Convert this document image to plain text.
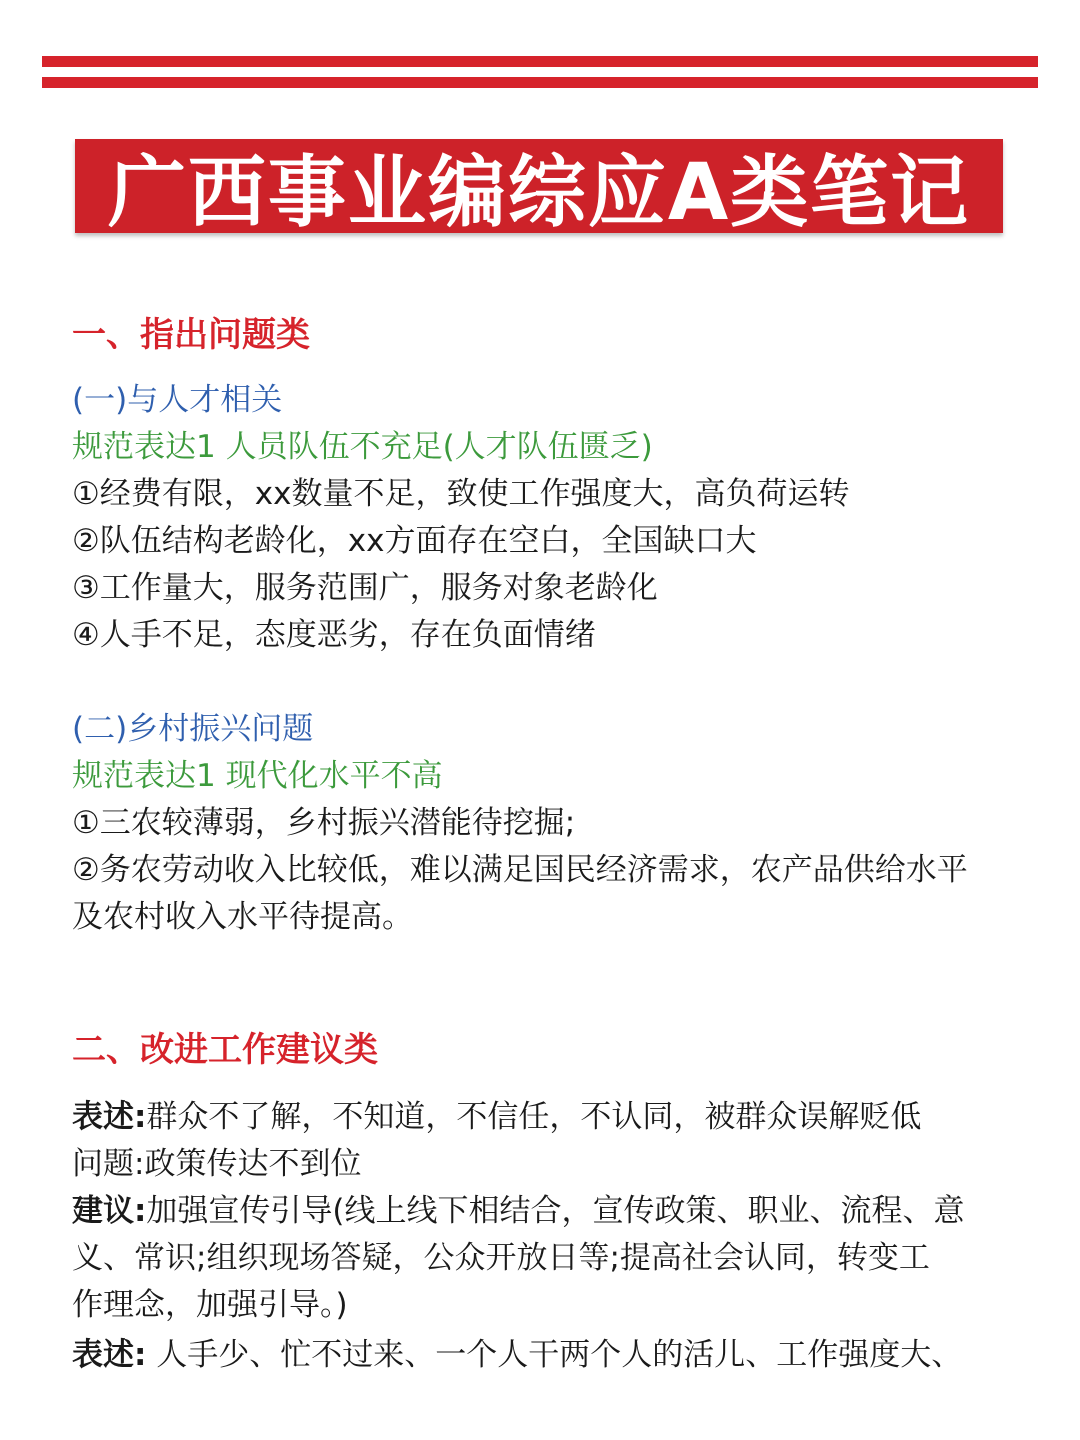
广西事业编综应A类笔记
一、指出问题类
(一)与人才相关
规范表达1 人员队伍不充足(人才队伍匮乏)
①经费有限，xx数量不足，致使工作强度大，高负荷运转
②队伍结构老龄化，xx方面存在空白，全国缺口大
③工作量大，服务范围广，服务对象老龄化
④人手不足，态度恶劣，存在负面情绪
(二)乡村振兴问题
规范表达1 现代化水平不高
①三农较薄弱，乡村振兴潜能待挖掘;
②务农劳动收入比较低，难以满足国民经济需求，农产品供给水平
及农村收入水平待提高。
二、改进工作建议类
表述:群众不了解，不知道，不信任，不认同，被群众误解贬低
问题:政策传达不到位
建议:加强宣传引导(线上线下相结合，宣传政策、职业、流程、意
义、常识;组织现场答疑，公众开放日等;提高社会认同，转变工
作理念，加强引导。)
表述: 人手少、忙不过来、一个人干两个人的活儿、工作强度大、
